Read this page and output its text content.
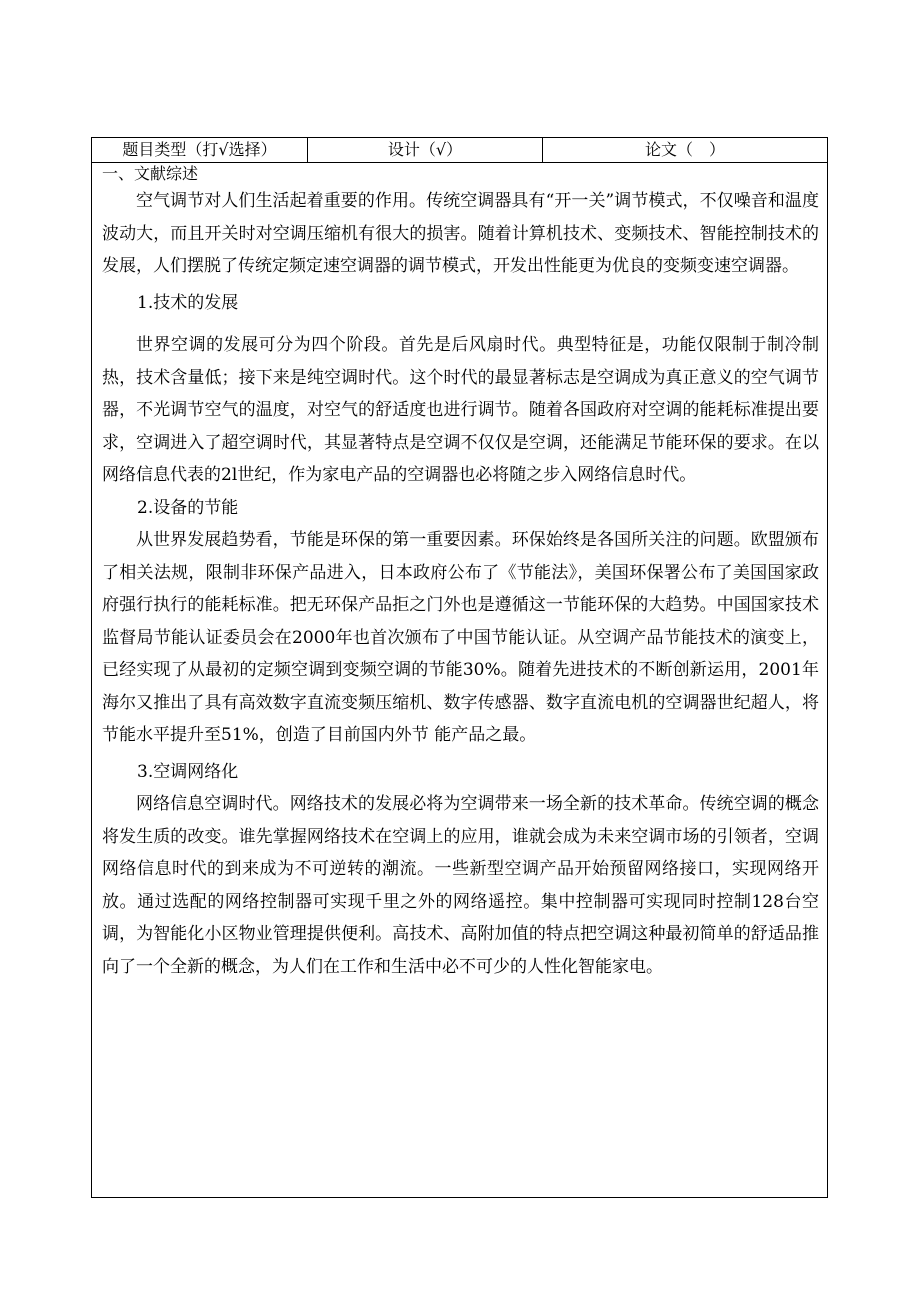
题目类型（打√选择）	设计（√）	论文（　）

一、文献综述

空气调节对人们生活起着重要的作用。传统空调器具有“开一关”调节模式，不仅噪音和温度波动大，而且开关时对空调压缩机有很大的损害。随着计算机技术、变频技术、智能控制技术的发展，人们摆脱了传统定频定速空调器的调节模式，开发出性能更为优良的变频变速空调器。

1.技术的发展

世界空调的发展可分为四个阶段。首先是后风扇时代。典型特征是，功能仅限制于制冷制热，技术含量低；接下来是纯空调时代。这个时代的最显著标志是空调成为真正意义的空气调节器，不光调节空气的温度，对空气的舒适度也进行调节。随着各国政府对空调的能耗标准提出要求，空调进入了超空调时代，其显著特点是空调不仅仅是空调，还能满足节能环保的要求。在以网络信息代表的2l世纪，作为家电产品的空调器也必将随之步入网络信息时代。

2.设备的节能

从世界发展趋势看，节能是环保的第一重要因素。环保始终是各国所关注的问题。欧盟颁布了相关法规，限制非环保产品进入，日本政府公布了《节能法》，美国环保署公布了美国国家政府强行执行的能耗标准。把无环保产品拒之门外也是遵循这一节能环保的大趋势。中国国家技术监督局节能认证委员会在2000年也首次颁布了中国节能认证。从空调产品节能技术的演变上，已经实现了从最初的定频空调到变频空调的节能30%。随着先进技术的不断创新运用，2001年海尔又推出了具有高效数字直流变频压缩机、数字传感器、数字直流电机的空调器世纪超人，将节能水平提升至51%，创造了目前国内外节 能产品之最。

3.空调网络化

网络信息空调时代。网络技术的发展必将为空调带来一场全新的技术革命。传统空调的概念将发生质的改变。谁先掌握网络技术在空调上的应用，谁就会成为未来空调市场的引领者，空调网络信息时代的到来成为不可逆转的潮流。一些新型空调产品开始预留网络接口，实现网络开放。通过选配的网络控制器可实现千里之外的网络遥控。集中控制器可实现同时控制128台空调，为智能化小区物业管理提供便利。高技术、高附加值的特点把空调这种最初简单的舒适品推向了一个全新的概念，为人们在工作和生活中必不可少的人性化智能家电。
